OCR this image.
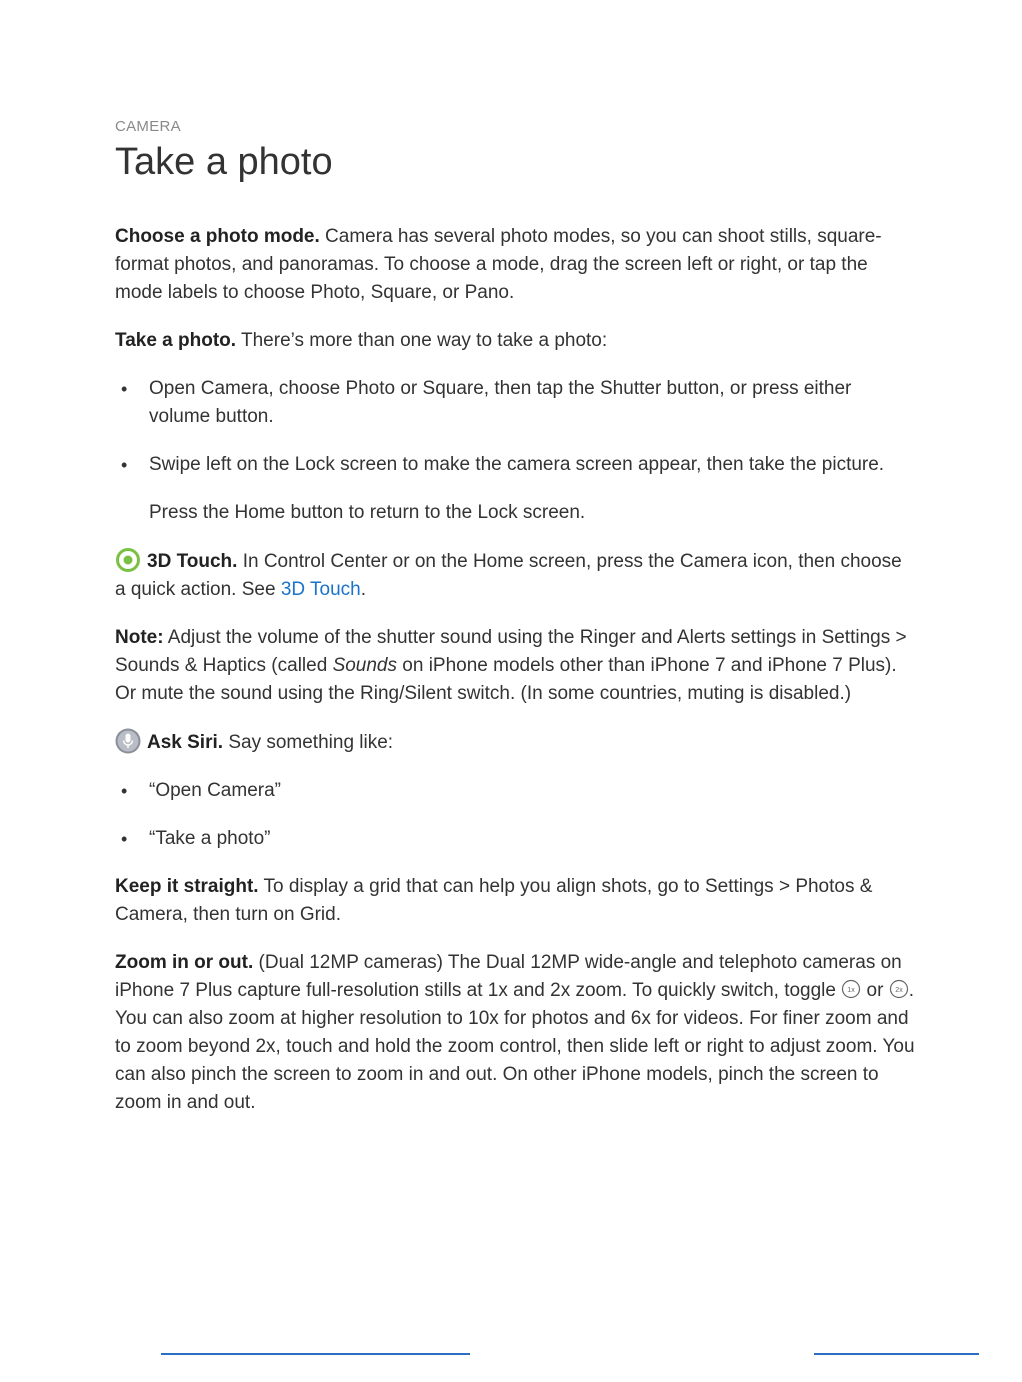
CAMERA
Take a photo

Choose a photo mode. Camera has several photo modes, so you can shoot stills, square-format photos, and panoramas. To choose a mode, drag the screen left or right, or tap the mode labels to choose Photo, Square, or Pano.

Take a photo. There’s more than one way to take a photo:

• Open Camera, choose Photo or Square, then tap the Shutter button, or press either volume button.
• Swipe left on the Lock screen to make the camera screen appear, then take the picture.

Press the Home button to return to the Lock screen.

3D Touch. In Control Center or on the Home screen, press the Camera icon, then choose a quick action. See 3D Touch.

Note: Adjust the volume of the shutter sound using the Ringer and Alerts settings in Settings > Sounds & Haptics (called Sounds on iPhone models other than iPhone 7 and iPhone 7 Plus). Or mute the sound using the Ring/Silent switch. (In some countries, muting is disabled.)

Ask Siri. Say something like:

• “Open Camera”
• “Take a photo”

Keep it straight. To display a grid that can help you align shots, go to Settings > Photos & Camera, then turn on Grid.

Zoom in or out. (Dual 12MP cameras) The Dual 12MP wide-angle and telephoto cameras on iPhone 7 Plus capture full-resolution stills at 1x and 2x zoom. To quickly switch, toggle 1x or 2x . You can also zoom at higher resolution to 10x for photos and 6x for videos. For finer zoom and to zoom beyond 2x, touch and hold the zoom control, then slide left or right to adjust zoom. You can also pinch the screen to zoom in and out. On other iPhone models, pinch the screen to zoom in and out.
